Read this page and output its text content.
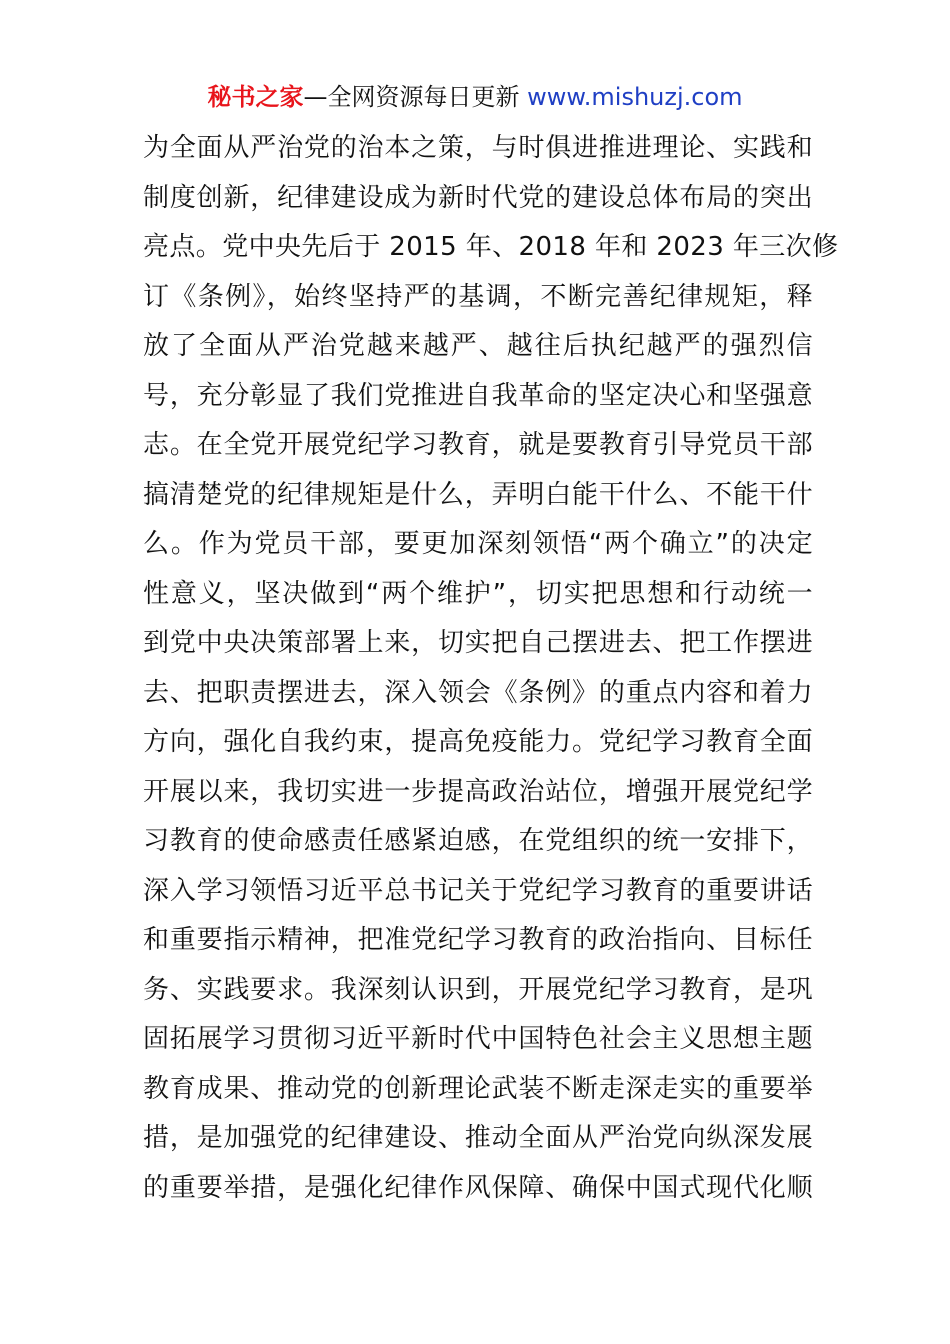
秘书之家—全网资源每日更新 www.mishuzj.com
为全面从严治党的治本之策，与时俱进推进理论、实践和
制度创新，纪律建设成为新时代党的建设总体布局的突出
亮点。党中央先后于 2015 年、2018 年和 2023 年三次修
订《条例》，始终坚持严的基调，不断完善纪律规矩，释
放了全面从严治党越来越严、越往后执纪越严的强烈信
号，充分彰显了我们党推进自我革命的坚定决心和坚强意
志。在全党开展党纪学习教育，就是要教育引导党员干部
搞清楚党的纪律规矩是什么，弄明白能干什么、不能干什
么。作为党员干部，要更加深刻领悟“两个确立”的决定
性意义，坚决做到“两个维护”，切实把思想和行动统一
到党中央决策部署上来，切实把自己摆进去、把工作摆进
去、把职责摆进去，深入领会《条例》的重点内容和着力
方向，强化自我约束，提高免疫能力。党纪学习教育全面
开展以来，我切实进一步提高政治站位，增强开展党纪学
习教育的使命感责任感紧迫感，在党组织的统一安排下，
深入学习领悟习近平总书记关于党纪学习教育的重要讲话
和重要指示精神，把准党纪学习教育的政治指向、目标任
务、实践要求。我深刻认识到，开展党纪学习教育，是巩
固拓展学习贯彻习近平新时代中国特色社会主义思想主题
教育成果、推动党的创新理论武装不断走深走实的重要举
措，是加强党的纪律建设、推动全面从严治党向纵深发展
的重要举措，是强化纪律作风保障、确保中国式现代化顺
